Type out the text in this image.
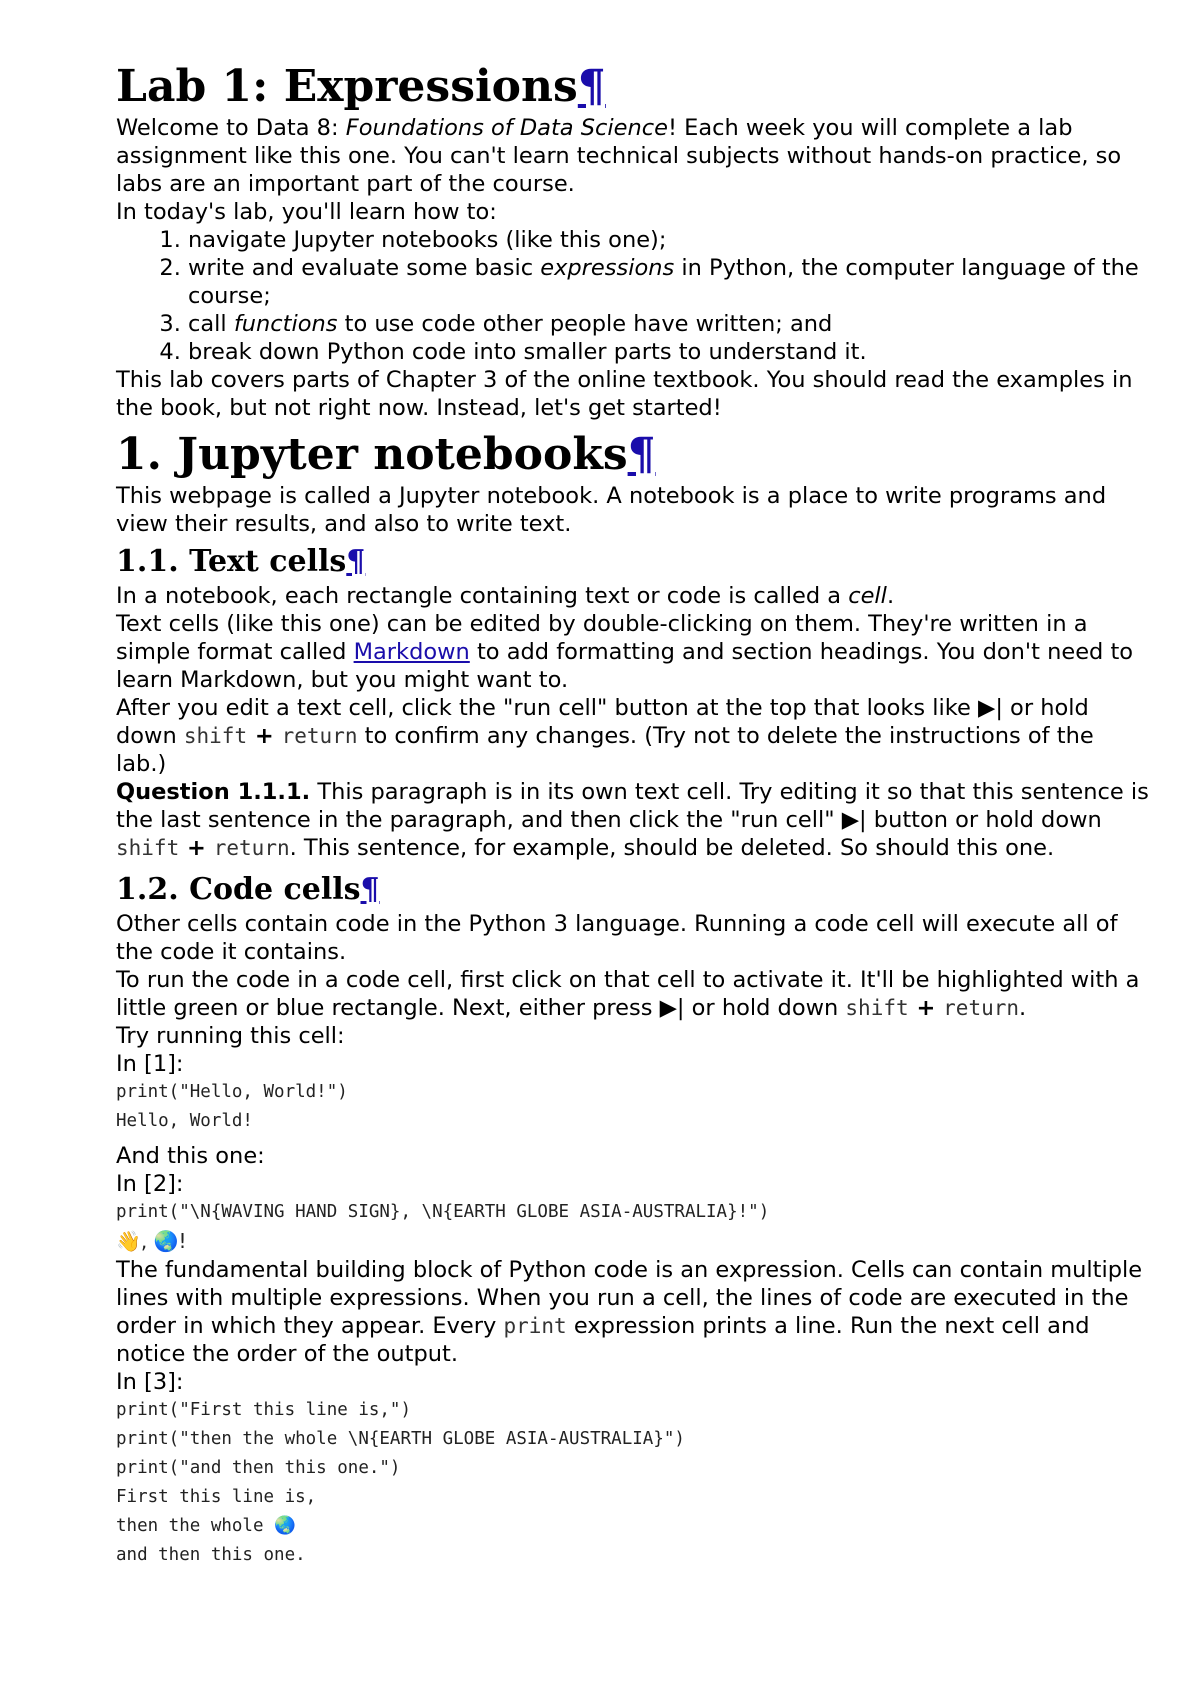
Lab 1: Expressions¶

Welcome to Data 8: Foundations of Data Science! Each week you will complete a lab assignment like this one. You can't learn technical subjects without hands-on practice, so labs are an important part of the course.

In today's lab, you'll learn how to:

1. navigate Jupyter notebooks (like this one);
2. write and evaluate some basic expressions in Python, the computer language of the course;
3. call functions to use code other people have written; and
4. break down Python code into smaller parts to understand it.

This lab covers parts of Chapter 3 of the online textbook. You should read the examples in the book, but not right now. Instead, let's get started!

1. Jupyter notebooks¶

This webpage is called a Jupyter notebook. A notebook is a place to write programs and view their results, and also to write text.

1.1. Text cells¶

In a notebook, each rectangle containing text or code is called a cell.

Text cells (like this one) can be edited by double-clicking on them. They're written in a simple format called Markdown to add formatting and section headings. You don't need to learn Markdown, but you might want to.

After you edit a text cell, click the "run cell" button at the top that looks like ▶| or hold down shift + return to confirm any changes. (Try not to delete the instructions of the lab.)

Question 1.1.1. This paragraph is in its own text cell. Try editing it so that this sentence is the last sentence in the paragraph, and then click the "run cell" ▶| button or hold down shift + return. This sentence, for example, should be deleted. So should this one.

1.2. Code cells¶

Other cells contain code in the Python 3 language. Running a code cell will execute all of the code it contains.

To run the code in a code cell, first click on that cell to activate it. It'll be highlighted with a little green or blue rectangle. Next, either press ▶| or hold down shift + return.

Try running this cell:

In [1]:

print("Hello, World!")

Hello, World!

And this one:

In [2]:

print("\N{WAVING HAND SIGN}, \N{EARTH GLOBE ASIA-AUSTRALIA}!")

👋, 🌏!

The fundamental building block of Python code is an expression. Cells can contain multiple lines with multiple expressions. When you run a cell, the lines of code are executed in the order in which they appear. Every print expression prints a line. Run the next cell and notice the order of the output.

In [3]:

print("First this line is,")

print("then the whole \N{EARTH GLOBE ASIA-AUSTRALIA}")

print("and then this one.")

First this line is,

then the whole 🌏

and then this one.
